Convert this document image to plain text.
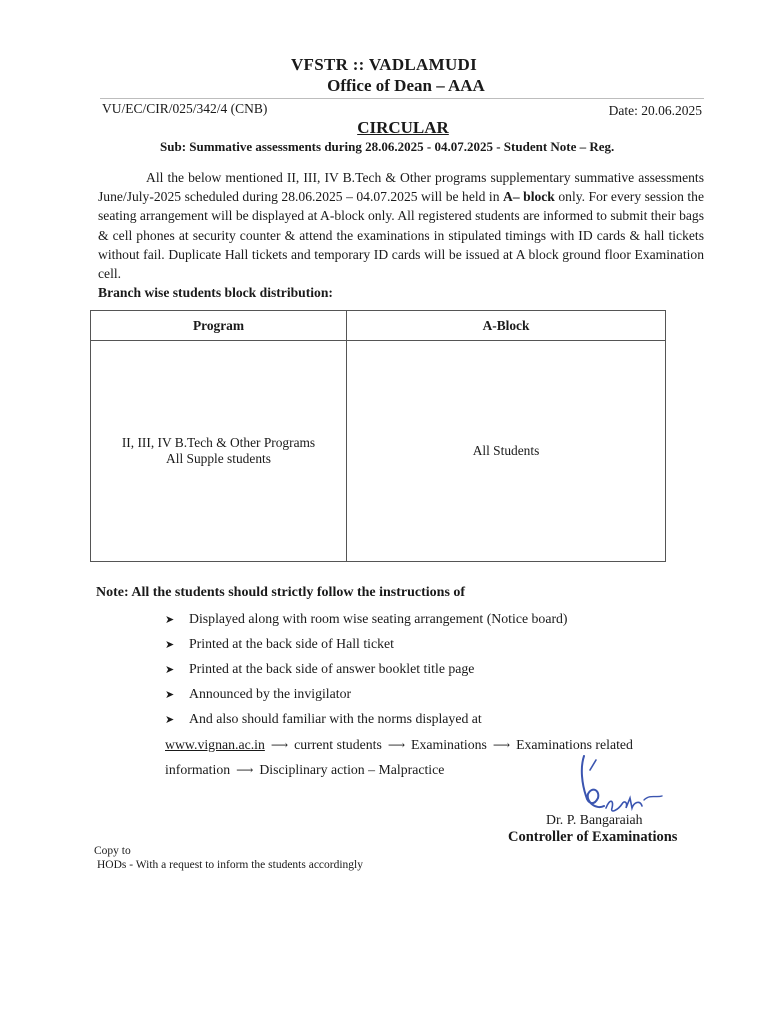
VFSTR :: VADLAMUDI
Office of Dean – AAA
VU/EC/CIR/025/342/4 (CNB)	Date: 20.06.2025
CIRCULAR
Sub: Summative assessments during 28.06.2025 - 04.07.2025 - Student Note – Reg.
All the below mentioned II, III, IV B.Tech & Other programs supplementary summative assessments June/July-2025 scheduled during 28.06.2025 – 04.07.2025 will be held in A– block only. For every session the seating arrangement will be displayed at A-block only. All registered students are informed to submit their bags & cell phones at security counter & attend the examinations in stipulated timings with ID cards & hall tickets without fail. Duplicate Hall tickets and temporary ID cards will be issued at A block ground floor Examination cell.
Branch wise students block distribution:
Program	A-Block

II, III, IV B.Tech & Other Programs
All Supple students	All Students
Note: All the students should strictly follow the instructions of
➤ Displayed along with room wise seating arrangement (Notice board)
➤ Printed at the back side of Hall ticket
➤ Printed at the back side of answer booklet title page
➤ Announced by the invigilator
➤ And also should familiar with the norms displayed at
www.vignan.ac.in ⟶ current students ⟶ Examinations ⟶ Examinations related
information ⟶ Disciplinary action – Malpractice
Dr. P. Bangaraiah
Controller of Examinations
Copy to
HODs - With a request to inform the students accordingly
